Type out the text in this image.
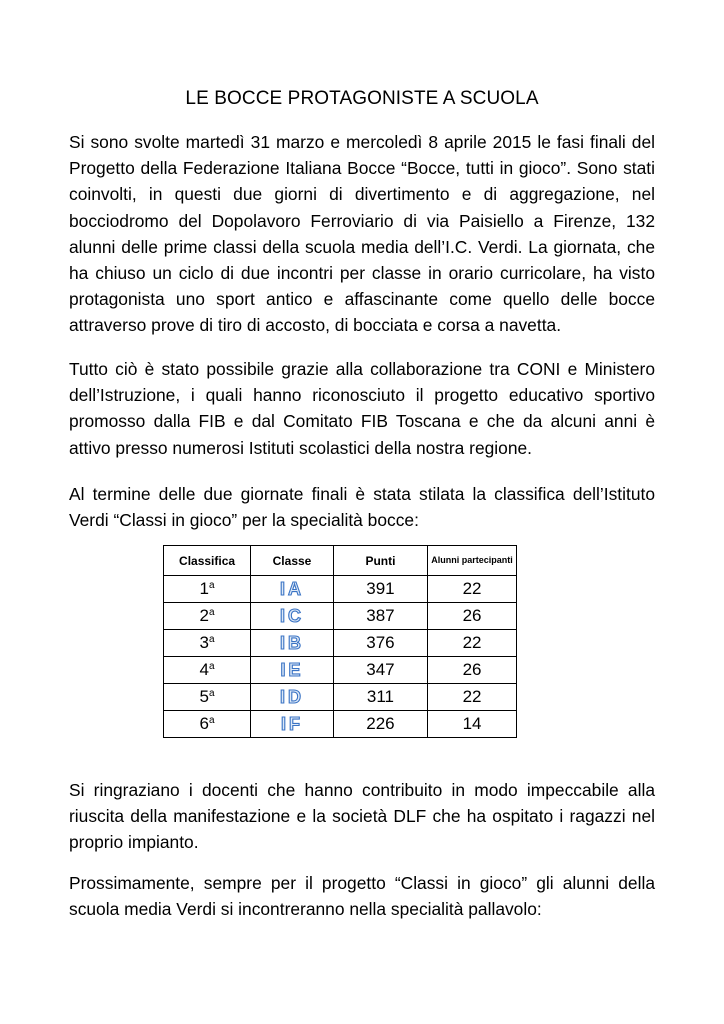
LE BOCCE PROTAGONISTE A SCUOLA

Si sono svolte martedì 31 marzo e mercoledì 8 aprile 2015 le fasi finali del Progetto della Federazione Italiana Bocce “Bocce, tutti in gioco”. Sono stati coinvolti, in questi due giorni di divertimento e di aggregazione, nel bocciodromo del Dopolavoro Ferroviario di via Paisiello a Firenze, 132 alunni delle prime classi della scuola media dell’I.C. Verdi. La giornata, che ha chiuso un ciclo di due incontri per classe in orario curricolare, ha visto protagonista uno sport antico e affascinante come quello delle bocce attraverso prove di tiro di accosto, di bocciata e corsa a navetta.

Tutto ciò è stato possibile grazie alla collaborazione tra CONI e Ministero dell’Istruzione, i quali hanno riconosciuto il progetto educativo sportivo promosso dalla FIB e dal Comitato FIB Toscana e che da alcuni anni è attivo presso numerosi Istituti scolastici della nostra regione.

Al termine delle due giornate finali è stata stilata la classifica dell’Istituto Verdi “Classi in gioco” per la specialità bocce:

Classifica	Classe	Punti	Alunni partecipanti
1$^a$	IA	391	22
2$^a$	IC	387	26
3$^a$	IB	376	22
4$^a$	IE	347	26
5$^a$	ID	311	22
6$^a$	IF	226	14

Si ringraziano i docenti che hanno contribuito in modo impeccabile alla riuscita della manifestazione e la società DLF che ha ospitato i ragazzi nel proprio impianto.

Prossimamente, sempre per il progetto “Classi in gioco” gli alunni della scuola media Verdi si incontreranno nella specialità pallavolo:
